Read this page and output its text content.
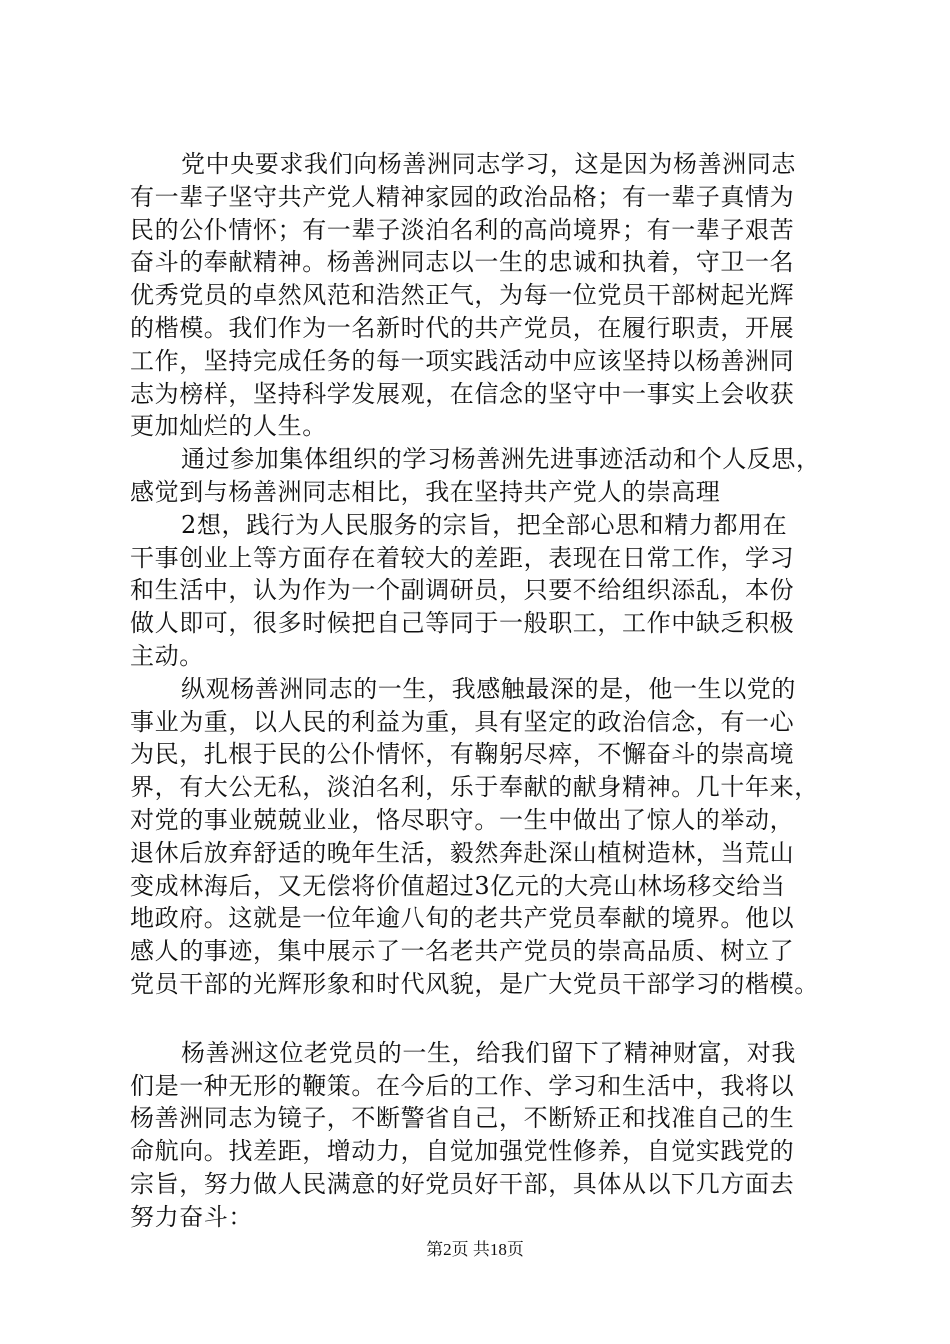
党中央要求我们向杨善洲同志学习，这是因为杨善洲同志
有一辈子坚守共产党人精神家园的政治品格；有一辈子真情为
民的公仆情怀；有一辈子淡泊名利的高尚境界；有一辈子艰苦
奋斗的奉献精神。杨善洲同志以一生的忠诚和执着，守卫一名
优秀党员的卓然风范和浩然正气，为每一位党员干部树起光辉
的楷模。我们作为一名新时代的共产党员，在履行职责，开展
工作，坚持完成任务的每一项实践活动中应该坚持以杨善洲同
志为榜样，坚持科学发展观，在信念的坚守中一事实上会收获
更加灿烂的人生。
通过参加集体组织的学习杨善洲先进事迹活动和个人反思，
感觉到与杨善洲同志相比，我在坚持共产党人的崇高理
2想，践行为人民服务的宗旨，把全部心思和精力都用在
干事创业上等方面存在着较大的差距，表现在日常工作，学习
和生活中，认为作为一个副调研员，只要不给组织添乱，本份
做人即可，很多时候把自己等同于一般职工，工作中缺乏积极
主动。
纵观杨善洲同志的一生，我感触最深的是，他一生以党的
事业为重，以人民的利益为重，具有坚定的政治信念，有一心
为民，扎根于民的公仆情怀，有鞠躬尽瘁，不懈奋斗的崇高境
界，有大公无私，淡泊名利，乐于奉献的献身精神。几十年来，
对党的事业兢兢业业，恪尽职守。一生中做出了惊人的举动，
退休后放弃舒适的晚年生活，毅然奔赴深山植树造林，当荒山
变成林海后，又无偿将价值超过3亿元的大亮山林场移交给当
地政府。这就是一位年逾八旬的老共产党员奉献的境界。他以
感人的事迹，集中展示了一名老共产党员的崇高品质、树立了
党员干部的光辉形象和时代风貌，是广大党员干部学习的楷模。
杨善洲这位老党员的一生，给我们留下了精神财富，对我
们是一种无形的鞭策。在今后的工作、学习和生活中，我将以
杨善洲同志为镜子，不断警省自己，不断矫正和找准自己的生
命航向。找差距，增动力，自觉加强党性修养，自觉实践党的
宗旨，努力做人民满意的好党员好干部，具体从以下几方面去
努力奋斗：
第2页 共18页
